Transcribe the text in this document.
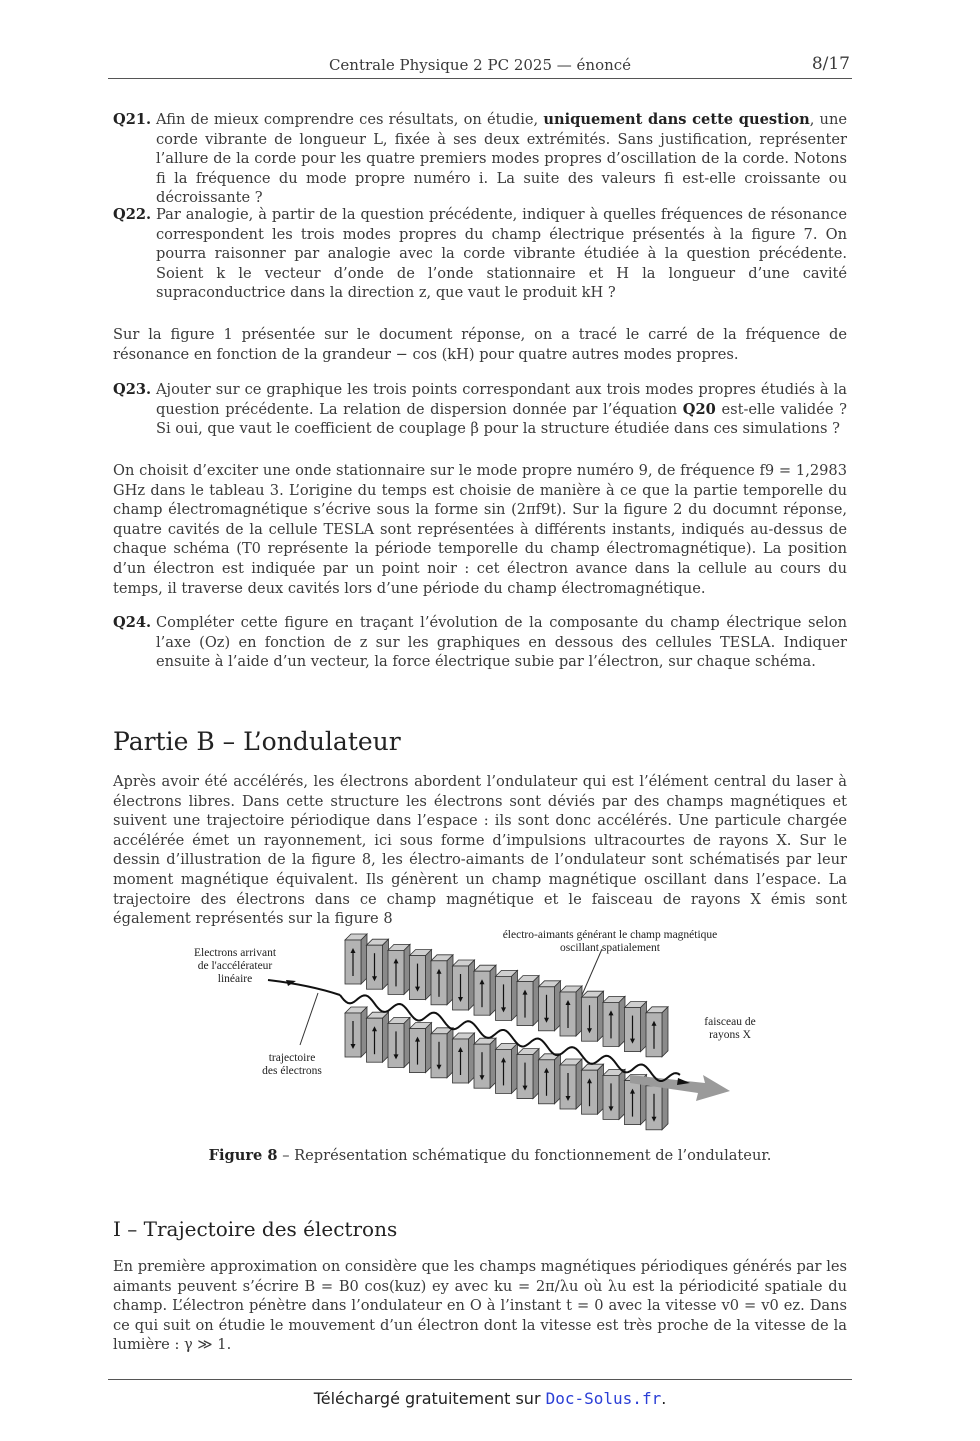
Centrale Physique 2 PC 2025 — énoncé	8/17
Q21. Afin de mieux comprendre ces résultats, on étudie, uniquement dans cette question, une corde vibrante de longueur L, fixée à ses deux extrémités. Sans justification, représenter l’allure de la corde pour les quatre premiers modes propres d’oscillation de la corde. Notons fi la fréquence du mode propre numéro i. La suite des valeurs fi est-elle croissante ou décroissante ?
Q22. Par analogie, à partir de la question précédente, indiquer à quelles fréquences de résonance correspondent les trois modes propres du champ électrique présentés à la figure 7. On pourra raisonner par analogie avec la corde vibrante étudiée à la question précédente. Soient k le vecteur d’onde de l’onde stationnaire et H la longueur d’une cavité supraconductrice dans la direction z, que vaut le produit kH ?
Sur la figure 1 présentée sur le document réponse, on a tracé le carré de la fréquence de résonance en fonction de la grandeur − cos (kH) pour quatre autres modes propres.
Q23. Ajouter sur ce graphique les trois points correspondant aux trois modes propres étudiés à la question précédente. La relation de dispersion donnée par l’équation Q20 est-elle validée ? Si oui, que vaut le coefficient de couplage β pour la structure étudiée dans ces simulations ?
On choisit d’exciter une onde stationnaire sur le mode propre numéro 9, de fréquence f9 = 1,2983 GHz dans le tableau 3. L’origine du temps est choisie de manière à ce que la partie temporelle du champ électromagnétique s’écrive sous la forme sin (2πf9t). Sur la figure 2 du documnt réponse, quatre cavités de la cellule TESLA sont représentées à différents instants, indiqués au-dessus de chaque schéma (T0 représente la période temporelle du champ électromagnétique). La position d’un électron est indiquée par un point noir : cet électron avance dans la cellule au cours du temps, il traverse deux cavités lors d’une période du champ électromagnétique.
Q24. Compléter cette figure en traçant l’évolution de la composante du champ électrique selon l’axe (Oz) en fonction de z sur les graphiques en dessous des cellules TESLA. Indiquer ensuite à l’aide d’un vecteur, la force électrique subie par l’électron, sur chaque schéma.
Partie B – L’ondulateur
Après avoir été accélérés, les électrons abordent l’ondulateur qui est l’élément central du laser à électrons libres. Dans cette structure les électrons sont déviés par des champs magnétiques et suivent une trajectoire périodique dans l’espace : ils sont donc accélérés. Une particule chargée accélérée émet un rayonnement, ici sous forme d’impulsions ultracourtes de rayons X. Sur le dessin d’illustration de la figure 8, les électro-aimants de l’ondulateur sont schématisés par leur moment magnétique équivalent. Ils génèrent un champ magnétique oscillant dans l’espace. La trajectoire des électrons dans ce champ magnétique et le faisceau de rayons X émis sont également représentés sur la figure 8
Electrons arrivant
de l'accélérateur
linéaire
électro-aimants générant le champ magnétique
oscillant spatialement
faisceau de
rayons X
trajectoire
des électrons
Figure 8 – Représentation schématique du fonctionnement de l’ondulateur.
I – Trajectoire des électrons
En première approximation on considère que les champs magnétiques périodiques générés par les aimants peuvent s’écrire B = B0 cos(kuz) ey avec ku = 2π/λu où λu est la périodicité spatiale du champ. L’électron pénètre dans l’ondulateur en O à l’instant t = 0 avec la vitesse v0 = v0 ez. Dans ce qui suit on étudie le mouvement d’un électron dont la vitesse est très proche de la vitesse de la lumière : γ ≫ 1.
Téléchargé gratuitement sur Doc-Solus.fr.
